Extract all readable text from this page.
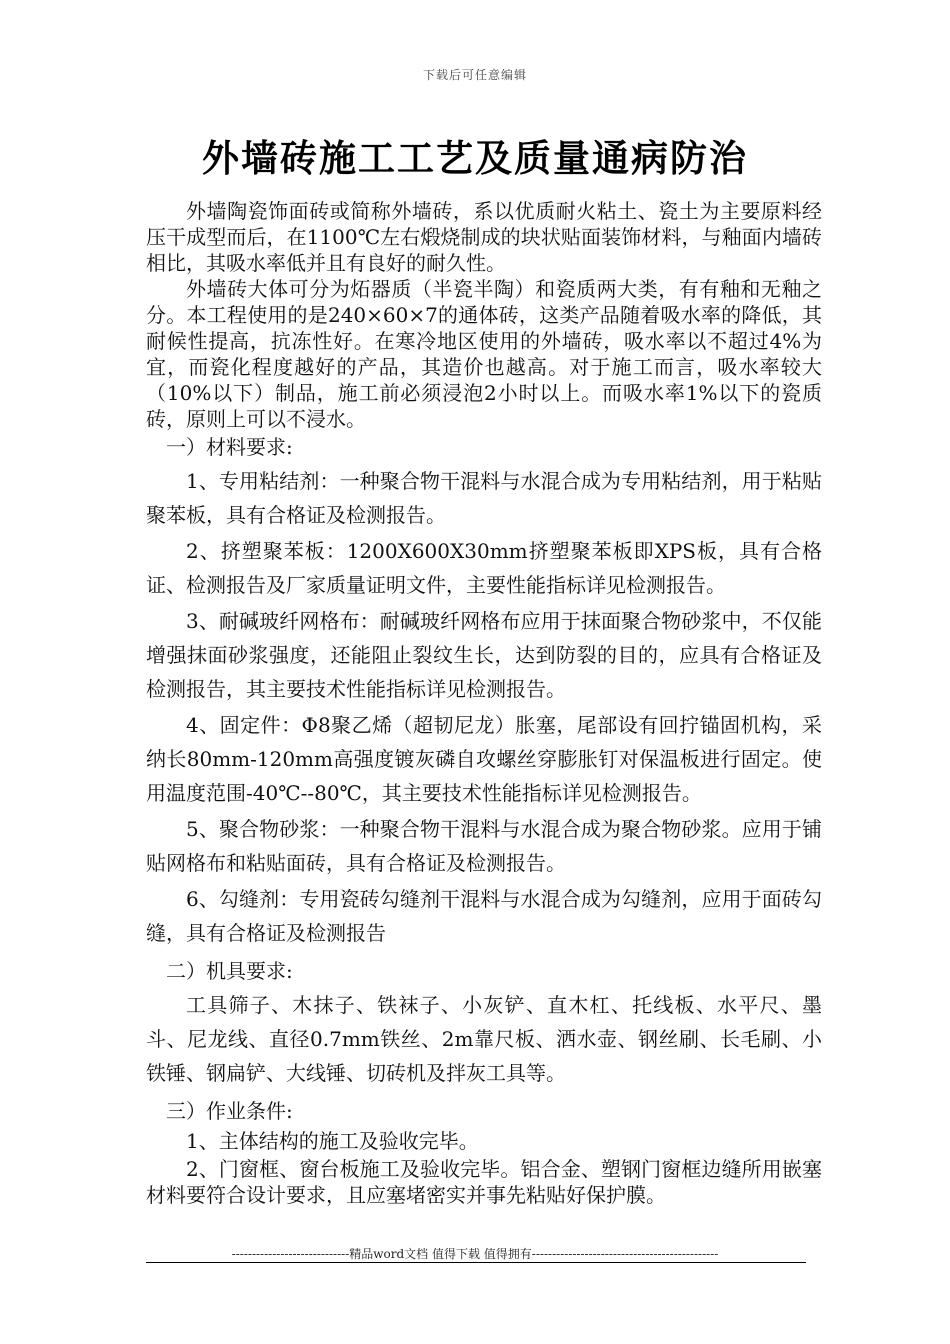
下载后可任意编辑
外墙砖施工工艺及质量通病防治

外墙陶瓷饰面砖或简称外墙砖，系以优质耐火粘土、瓷土为主要原料经压干成型而后，在1100℃左右煅烧制成的块状贴面装饰材料，与釉面内墙砖相比，其吸水率低并且有良好的耐久性。

外墙砖大体可分为炻器质（半瓷半陶）和瓷质两大类，有有釉和无釉之分。本工程使用的是240×60×7的通体砖，这类产品随着吸水率的降低，其耐候性提高，抗冻性好。在寒冷地区使用的外墙砖，吸水率以不超过4%为宜，而瓷化程度越好的产品，其造价也越高。对于施工而言，吸水率较大（10%以下）制品，施工前必须浸泡2小时以上。而吸水率1%以下的瓷质砖，原则上可以不浸水。

一）材料要求:

1、专用粘结剂：一种聚合物干混料与水混合成为专用粘结剂，用于粘贴聚苯板，具有合格证及检测报告。

2、挤塑聚苯板：1200X600X30mm挤塑聚苯板即XPS板，具有合格证、检测报告及厂家质量证明文件，主要性能指标详见检测报告。

3、耐碱玻纤网格布：耐碱玻纤网格布应用于抹面聚合物砂浆中，不仅能增强抹面砂浆强度，还能阻止裂纹生长，达到防裂的目的，应具有合格证及检测报告，其主要技术性能指标详见检测报告。

4、固定件：Φ8聚乙烯（超韧尼龙）胀塞，尾部设有回拧锚固机构，采纳长80mm-120mm高强度镀灰磷自攻螺丝穿膨胀钉对保温板进行固定。使用温度范围-40℃--80℃，其主要技术性能指标详见检测报告。

5、聚合物砂浆：一种聚合物干混料与水混合成为聚合物砂浆。应用于铺贴网格布和粘贴面砖，具有合格证及检测报告。

6、勾缝剂：专用瓷砖勾缝剂干混料与水混合成为勾缝剂，应用于面砖勾缝，具有合格证及检测报告

二）机具要求:

工具筛子、木抹子、铁袜子、小灰铲、直木杠、托线板、水平尺、墨斗、尼龙线、直径0.7mm铁丝、2m靠尺板、洒水壶、钢丝刷、长毛刷、小铁锤、钢扁铲、大线锤、切砖机及拌灰工具等。

三）作业条件:

1、主体结构的施工及验收完毕。

2、门窗框、窗台板施工及验收完毕。铝合金、塑钢门窗框边缝所用嵌塞材料要符合设计要求，且应塞堵密实并事先粘贴好保护膜。

-----------------------------精品word文档 值得下载 值得拥有----------------------------------------------
